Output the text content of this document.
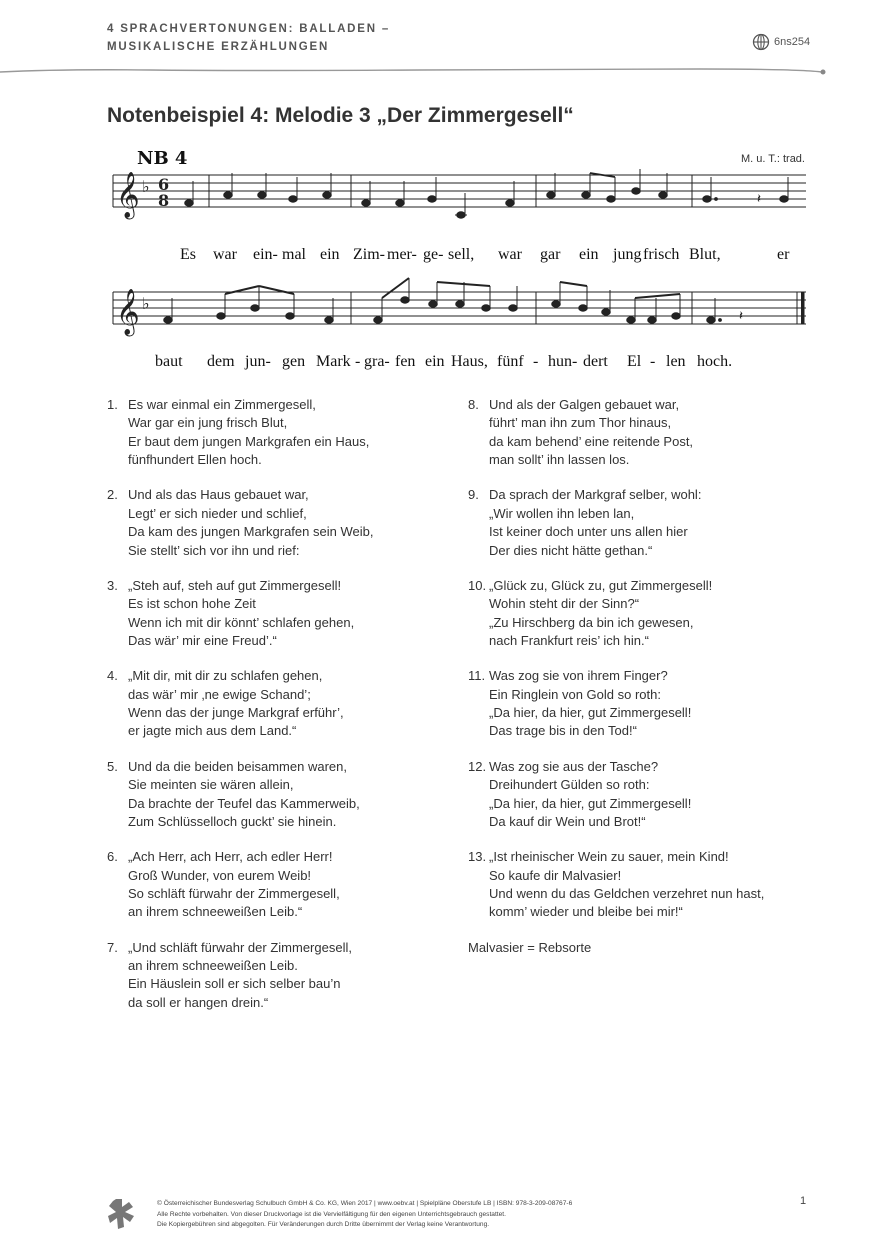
4 SPRACHVERTONUNGEN: BALLADEN –
MUSIKALISCHE ERZÄHLUNGEN	6ns254
Notenbeispiel 4: Melodie 3 „Der Zimmergesell“
NB 4	M. u. T.: trad.
𝄞 ♭ 6
8	𝄽
𝄞 ♭
𝄽
Es war ein- mal ein Zim- mer- ge- sell, war gar ein jung frisch Blut,	er
baut dem jun- gen Mark - gra- fen ein Haus, fünf - hun- dert El - len hoch.
1. Es war einmal ein Zimmergesell,
War gar ein jung frisch Blut,
Er baut dem jungen Markgrafen ein Haus,
fünfhundert Ellen hoch.
2. Und als das Haus gebauet war,
Legt’ er sich nieder und schlief,
Da kam des jungen Markgrafen sein Weib,
Sie stellt’ sich vor ihn und rief:
3. „Steh auf, steh auf gut Zimmergesell!
Es ist schon hohe Zeit
Wenn ich mit dir könnt’ schlafen gehen,
Das wär’ mir eine Freud’.“
4. „Mit dir, mit dir zu schlafen gehen,
das wär’ mir ‚ne ewige Schand’;
Wenn das der junge Markgraf erführ’,
er jagte mich aus dem Land.“
5. Und da die beiden beisammen waren,
Sie meinten sie wären allein,
Da brachte der Teufel das Kammerweib,
Zum Schlüsselloch guckt’ sie hinein.
6. „Ach Herr, ach Herr, ach edler Herr!
Groß Wunder, von eurem Weib!
So schläft fürwahr der Zimmergesell,
an ihrem schneeweißen Leib.“
7. „Und schläft fürwahr der Zimmergesell,
an ihrem schneeweißen Leib.
Ein Häuslein soll er sich selber bau’n
da soll er hangen drein.“
8. Und als der Galgen gebauet war,
führt’ man ihn zum Thor hinaus,
da kam behend’ eine reitende Post,
man sollt’ ihn lassen los.
9. Da sprach der Markgraf selber, wohl:
„Wir wollen ihn leben lan,
Ist keiner doch unter uns allen hier
Der dies nicht hätte gethan.“
10. „Glück zu, Glück zu, gut Zimmergesell!
Wohin steht dir der Sinn?“
„Zu Hirschberg da bin ich gewesen,
nach Frankfurt reis’ ich hin.“
11. Was zog sie von ihrem Finger?
Ein Ringlein von Gold so roth:
„Da hier, da hier, gut Zimmergesell!
Das trage bis in den Tod!“
12. Was zog sie aus der Tasche?
Dreihundert Gülden so roth:
„Da hier, da hier, gut Zimmergesell!
Da kauf dir Wein und Brot!“
13. „Ist rheinischer Wein zu sauer, mein Kind!
So kaufe dir Malvasier!
Und wenn du das Geldchen verzehret nun hast,
komm’ wieder und bleibe bei mir!“
Malvasier = Rebsorte
© Österreichischer Bundesverlag Schulbuch GmbH & Co. KG, Wien 2017 | www.oebv.at | Spielpläne Oberstufe LB | ISBN: 978-3-209-08767-6
Alle Rechte vorbehalten. Von dieser Druckvorlage ist die Vervielfältigung für den eigenen Unterrichtsgebrauch gestattet.
Die Kopiergebühren sind abgegolten. Für Veränderungen durch Dritte übernimmt der Verlag keine Verantwortung.
1
